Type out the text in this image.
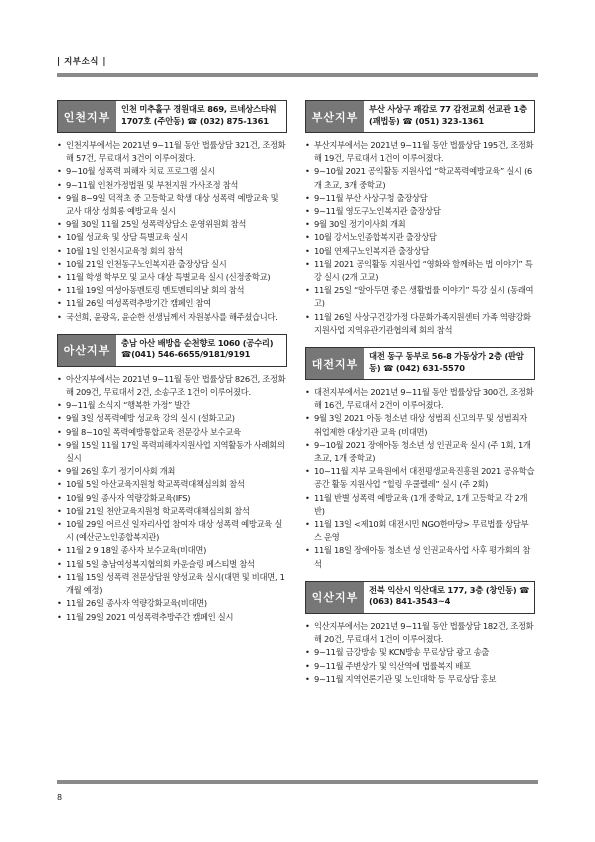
| 지부소식 |
인천지부
인천 미추홀구 경원대로 869, 르네상스타워 1707호 (주안동) ☎ (032) 875-1361
• 인천지부에서는 2021년 9~11월 동안 법률상담 321건, 조정화해 57건, 무료대서 3건이 이루어졌다.
• 9~10월 성폭력 피해자 치료 프로그램 실시
• 9~11월 인천가정법원 및 부천지원 가사조정 참석
• 9월 8~9일 덕적초 중 고등학교 학생 대상 성폭력 예방교육 및 교사 대상 성희롱 예방교육 실시
• 9월 30일 11월 25일 성폭력상담소 운영위원회 참석
• 10월 성교육 및 상담 특별교육 실시
• 10월 1일 인천시교육청 회의 참석
• 10월 21일 인천동구노인복지관 출장상담 실시
• 11월 학생 학부모 및 교사 대상 특별교육 실시 (신정중학교)
• 11월 19일 여성아동멘토링 멘토멘티의날 회의 참석
• 11월 26일 여성폭력추방기간 캠페인 참여
• 국선희, 윤광옥, 윤순한 선생님께서 자원봉사를 해주셨습니다.
아산지부
충남 아산 배방읍 순천향로 1060 (공수리) ☎(041) 546-6655/9181/9191
• 아산지부에서는 2021년 9~11월 동안 법률상담 826건, 조정화해 209건, 무료대서 2건, 소송구조 1건이 이루어졌다.
• 9~11월 소식지 “행복한 가정” 발간
• 9월 3일 성폭력예방 성교육 강의 실시 (설화고교)
• 9월 8~10일 폭력예방통합교육 전문강사 보수교육
• 9월 15일 11월 17일 폭력피해자지원사업 지역활동가 사례회의 실시
• 9월 26일 후기 정기이사회 개최
• 10월 5일 아산교육지원청 학교폭력대책심의회 참석
• 10월 9일 종사자 역량강화교육(IFS)
• 10월 21일 천안교육지원청 학교폭력대책심의회 참석
• 10월 29일 어르신 일자리사업 참여자 대상 성폭력 예방교육 실시 (예산군노인종합복지관)
• 11월 2 9 18일 종사자 보수교육(비대면)
• 11월 5일 충남여성복지협의회 카운슬링 페스티벌 참석
• 11월 15일 성폭력 전문상담원 양성교육 실시(대면 및 비대면, 1개월 예정)
• 11월 26일 종사자 역량강화교육(비대면)
• 11월 29일 2021 여성폭력추방주간 캠페인 실시
부산지부
부산 사상구 괘감로 77 감전교회 선교관 1층 (괘법동) ☎ (051) 323-1361
• 부산지부에서는 2021년 9~11월 동안 법률상담 195건, 조정화해 19건, 무료대서 1건이 이루어졌다.
• 9~10월 2021 공익활동 지원사업 “학교폭력예방교육” 실시 (6개 초교, 3개 중학교)
• 9~11월 부산 사상구청 출장상담
• 9~11월 영도구노인복지관 출장상담
• 9월 30일 정기이사회 개최
• 10월 강서노인종합복지관 출장상담
• 10월 연제구노인복지관 출장상담
• 11월 2021 공익활동 지원사업 “영화와 함께하는 법 이야기” 특강 실시 (2개 고교)
• 11월 25일 “알아두면 좋은 생활법률 이야기” 특강 실시 (동래여고)
• 11월 26일 사상구건강가정 다문화가족지원센터 가족 역량강화 지원사업 지역유관기관협의체 회의 참석
대전지부
대전 동구 동부로 56-8 가동상가 2층 (판암동) ☎ (042) 631-5570
• 대전지부에서는 2021년 9~11월 동안 법률상담 300건, 조정화해 16건, 무료대서 2건이 이루어졌다.
• 9월 3일 2021 아동 청소년 대상 성범죄 신고의무 및 성범죄자 취업제한 대상기관 교육 (비대면)
• 9~10월 2021 장애아동 청소년 성 인권교육 실시 (주 1회, 1개 초교, 1개 중학교)
• 10~11월 지부 교육원에서 대전평생교육진흥원 2021 공유학습공간 활동 지원사업 “힐링 우쿨렐레” 실시 (주 2회)
• 11월 반별 성폭력 예방교육 (1개 중학교, 1개 고등학교 각 2개 반)
• 11월 13일 <제10회 대전시민 NGO한마당> 무료법률 상담부스 운영
• 11월 18일 장애아동 청소년 성 인권교육사업 사후 평가회의 참석
익산지부
전북 익산시 익산대로 177, 3층 (창인동) ☎ (063) 841-3543~4
• 익산지부에서는 2021년 9~11월 동안 법률상담 182건, 조정화해 20건, 무료대서 1건이 이루어졌다.
• 9~11월 금강방송 및 KCN방송 무료상담 광고 송출
• 9~11월 주변상가 및 익산역에 법률복지 배포
• 9~11월 지역언론기관 및 노인대학 등 무료상담 홍보
8
